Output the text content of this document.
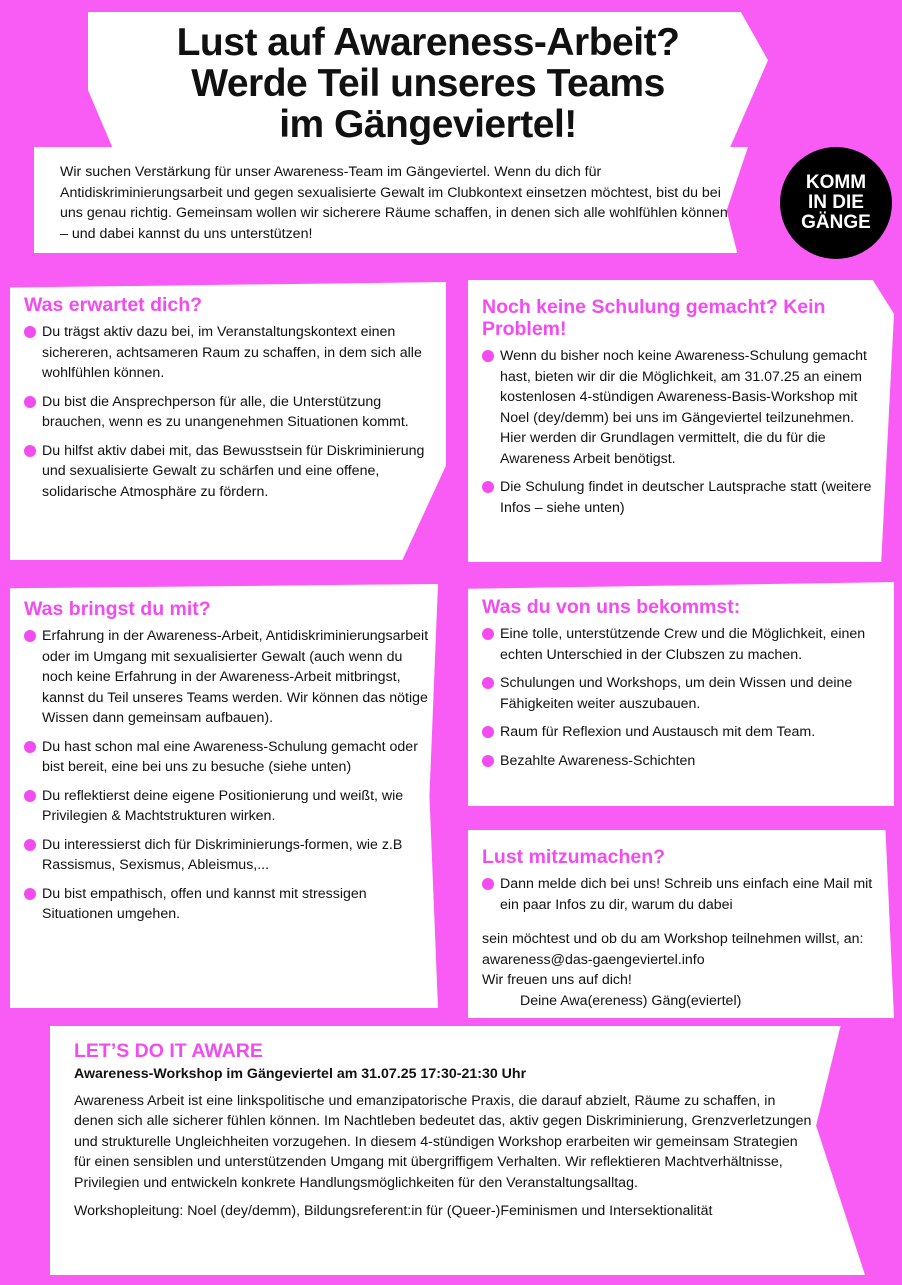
Lust auf Awareness-Arbeit?
Werde Teil unseres Teams
im Gängeviertel!

Wir suchen Verstärkung für unser Awareness-Team im Gängeviertel. Wenn du dich für Antidiskriminierungsarbeit und gegen sexualisierte Gewalt im Clubkontext einsetzen möchtest, bist du bei uns genau richtig. Gemeinsam wollen wir sicherere Räume schaffen, in denen sich alle wohlfühlen können – und dabei kannst du uns unterstützen!

KOMM
IN DIE
GÄNGE
Was erwartet dich?
Du trägst aktiv dazu bei, im Veranstaltungskontext einen sichereren, achtsameren Raum zu schaffen, in dem sich alle wohlfühlen können.
Du bist die Ansprechperson für alle, die Unterstützung brauchen, wenn es zu unangenehmen Situationen kommt.
Du hilfst aktiv dabei mit, das Bewusstsein für Diskriminierung und sexualisierte Gewalt zu schärfen und eine offene, solidarische Atmosphäre zu fördern.
Noch keine Schulung gemacht? Kein Problem!
Wenn du bisher noch keine Awareness-Schulung gemacht hast, bieten wir dir die Möglichkeit, am 31.07.25 an einem kostenlosen 4-stündigen Awareness-Basis-Workshop mit Noel (dey/demm) bei uns im Gängeviertel teilzunehmen. Hier werden dir Grundlagen vermittelt, die du für die Awareness Arbeit benötigst.
Die Schulung findet in deutscher Lautsprache statt (weitere Infos – siehe unten)
Was bringst du mit?
Erfahrung in der Awareness-Arbeit, Antidiskriminierungsarbeit oder im Umgang mit sexualisierter Gewalt (auch wenn du noch keine Erfahrung in der Awareness-Arbeit mitbringst, kannst du Teil unseres Teams werden. Wir können das nötige Wissen dann gemeinsam aufbauen).
Du hast schon mal eine Awareness-Schulung gemacht oder bist bereit, eine bei uns zu besuche (siehe unten)
Du reflektierst deine eigene Positionierung und weißt, wie Privilegien & Machtstrukturen wirken.
Du interessierst dich für Diskriminierungs-formen, wie z.B Rassismus, Sexismus, Ableismus,...
Du bist empathisch, offen und kannst mit stressigen Situationen umgehen.
Was du von uns bekommst:
Eine tolle, unterstützende Crew und die Möglichkeit, einen echten Unterschied in der Clubszen zu machen.
Schulungen und Workshops, um dein Wissen und deine Fähigkeiten weiter auszubauen.
Raum für Reflexion und Austausch mit dem Team.
Bezahlte Awareness-Schichten
Lust mitzumachen?
Dann melde dich bei uns! Schreib uns einfach eine Mail mit ein paar Infos zu dir, warum du dabei

sein möchtest und ob du am Workshop teilnehmen willst, an: awareness@das-gaengeviertel.info

Wir freuen uns auf dich!

Deine Awa(ereness) Gäng(eviertel)

LET’S DO IT AWARE

Awareness-Workshop im Gängeviertel am 31.07.25 17:30-21:30 Uhr

Awareness Arbeit ist eine linkspolitische und emanzipatorische Praxis, die darauf abzielt, Räume zu schaffen, in denen sich alle sicherer fühlen können. Im Nachtleben bedeutet das, aktiv gegen Diskriminierung, Grenzverletzungen und strukturelle Ungleichheiten vorzugehen. In diesem 4-stündigen Workshop erarbeiten wir gemeinsam Strategien für einen sensiblen und unterstützenden Umgang mit übergriffigem Verhalten. Wir reflektieren Machtverhältnisse, Privilegien und entwickeln konkrete Handlungsmöglichkeiten für den Veranstaltungsalltag.

Workshopleitung: Noel (dey/demm), Bildungsreferent:in für (Queer-)Feminismen und Intersektionalität
